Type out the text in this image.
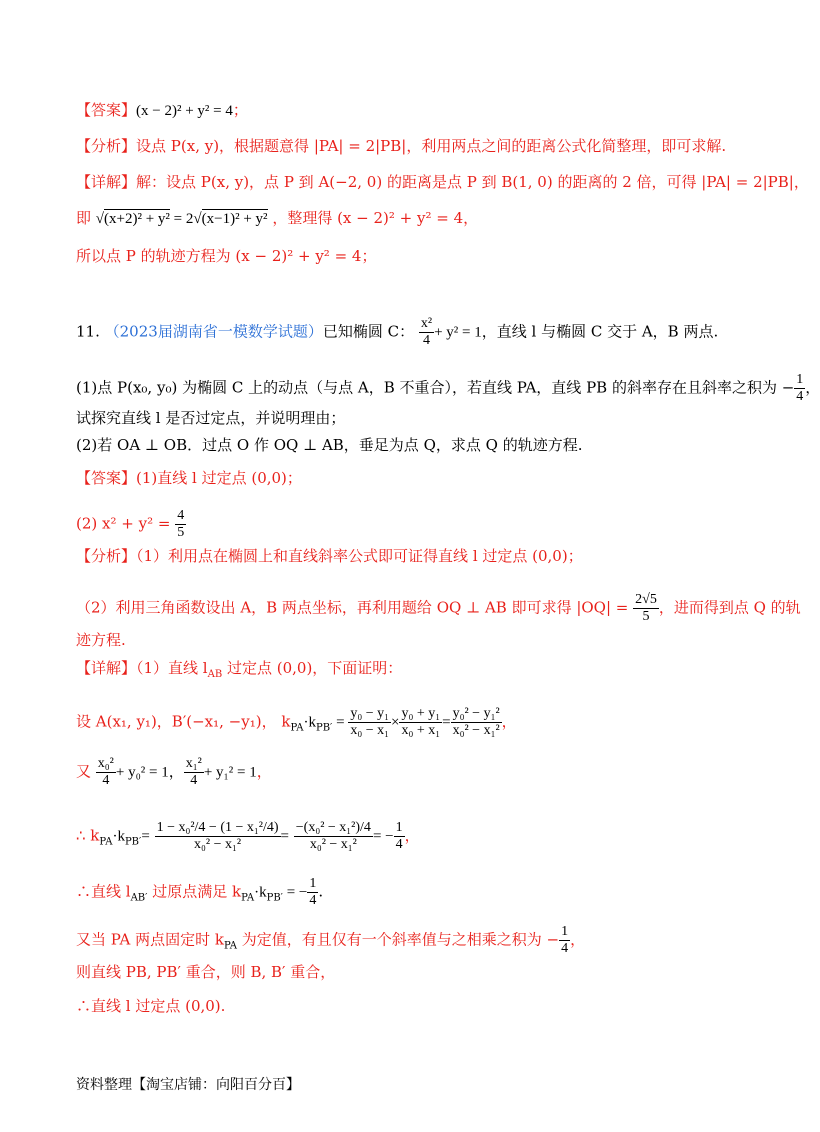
【答案】(x − 2)² + y² = 4；
【分析】设点 P(x, y)，根据题意得 |PA| = 2|PB|，利用两点之间的距离公式化简整理，即可求解.
【详解】解：设点 P(x, y)，点 P 到 A(−2, 0) 的距离是点 P 到 B(1, 0) 的距离的 2 倍，可得 |PA| = 2|PB|，
即 √(x+2)² + y² = 2√(x−1)² + y² ，整理得 (x − 2)² + y² = 4，
所以点 P 的轨迹方程为 (x − 2)² + y² = 4；
11. （2023届湖南省一模数学试题）已知椭圆 C： $\frac{\text{x²}}{4} + y^2 = 1$，直线 l 与椭圆 C 交于 A，B 两点.
(1)点 P(x₀, y₀) 为椭圆 C 上的动点（与点 A，B 不重合），若直线 PA，直线 PB 的斜率存在且斜率之积为 − $\frac{1}{4}$ ，
试探究直线 l 是否过定点，并说明理由；
(2)若 OA ⊥ OB．过点 O 作 OQ ⊥ AB，垂足为点 Q，求点 Q 的轨迹方程.
【答案】(1)直线 l 过定点 (0,0)；
(2) $x^2 + y^2 = \frac{4}{5}$
【分析】（1）利用点在椭圆上和直线斜率公式即可证得直线 l 过定点 (0,0)；
（2）利用三角函数设出 A，B 两点坐标，再利用题给 OQ ⊥ AB 即可求得 $|OQ| = \frac{2√5}{5}$ ，进而得到点 Q 的轨
迹方程.
【详解】（1）直线 $l_{AB}$ 过定点 (0,0)，下面证明：
设 A(x₁, y₁)，B′(−x₁, −y₁)， $k_{PA}\cdot k_{PB'} = \frac{\text{y₀ − y₁}}{\text{x₀ − x₁}} \times \frac{\text{y₀ + y₁}}{\text{x₀ + x₁}} = \frac{\text{y₀² − y₁²}}{\text{x₀² − x₁²}}$ ，
又 $\frac{\text{x₀²}}{4} + y_0^2 = 1$， $\frac{\text{x₁²}}{4} + y_1^2 = 1$，
∴ $k_{PA}\cdot k_{PB'}= \frac{\text{1 − x₀²/4 − (1 − x₁²/4)}}{\text{x₀² − x₁²}} = \frac{\text{−(x₀² − x₁²)/4}}{\text{x₀² − x₁²}}$ = − $\frac{1}{4}$ ，
∴直线 $l_{AB'}$ 过原点满足 $k_{PA}\cdot k_{PB'}$ = − $\frac{1}{4}$ .
又当 PA 两点固定时 $k_{PA}$ 为定值，有且仅有一个斜率值与之相乘之积为 − $\frac{1}{4}$ ，
则直线 PB, PB′ 重合，则 B, B′ 重合，
∴直线 l 过定点 (0,0).
资料整理【淘宝店铺：向阳百分百】
